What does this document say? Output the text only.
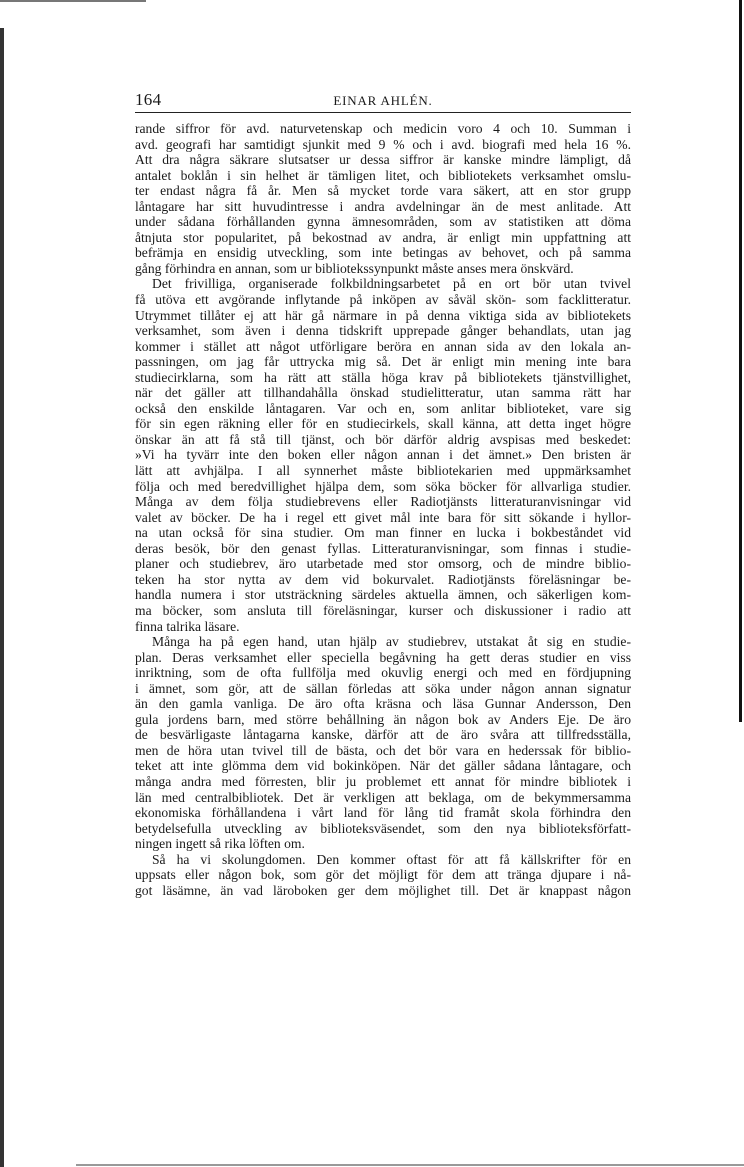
164	EINAR AHLÉN.
rande siffror för avd. naturvetenskap och medicin voro 4 och 10. Summan i
avd. geografi har samtidigt sjunkit med 9 % och i avd. biografi med hela 16 %.
Att dra några säkrare slutsatser ur dessa siffror är kanske mindre lämpligt, då
antalet boklån i sin helhet är tämligen litet, och bibliotekets verksamhet omslu-
ter endast några få år. Men så mycket torde vara säkert, att en stor grupp
låntagare har sitt huvudintresse i andra avdelningar än de mest anlitade. Att
under sådana förhållanden gynna ämnesområden, som av statistiken att döma
åtnjuta stor popularitet, på bekostnad av andra, är enligt min uppfattning att
befrämja en ensidig utveckling, som inte betingas av behovet, och på samma
gång förhindra en annan, som ur bibliotekssynpunkt måste anses mera önskvärd.
Det frivilliga, organiserade folkbildningsarbetet på en ort bör utan tvivel
få utöva ett avgörande inflytande på inköpen av såväl skön- som facklitteratur.
Utrymmet tillåter ej att här gå närmare in på denna viktiga sida av bibliotekets
verksamhet, som även i denna tidskrift upprepade gånger behandlats, utan jag
kommer i stället att något utförligare beröra en annan sida av den lokala an-
passningen, om jag får uttrycka mig så. Det är enligt min mening inte bara
studiecirklarna, som ha rätt att ställa höga krav på bibliotekets tjänstvillighet,
när det gäller att tillhandahålla önskad studielitteratur, utan samma rätt har
också den enskilde låntagaren. Var och en, som anlitar biblioteket, vare sig
för sin egen räkning eller för en studiecirkels, skall känna, att detta inget högre
önskar än att få stå till tjänst, och bör därför aldrig avspisas med beskedet:
»Vi ha tyvärr inte den boken eller någon annan i det ämnet.» Den bristen är
lätt att avhjälpa. I all synnerhet måste bibliotekarien med uppmärksamhet
följa och med beredvillighet hjälpa dem, som söka böcker för allvarliga studier.
Många av dem följa studiebrevens eller Radiotjänsts litteraturanvisningar vid
valet av böcker. De ha i regel ett givet mål inte bara för sitt sökande i hyllor-
na utan också för sina studier. Om man finner en lucka i bokbeståndet vid
deras besök, bör den genast fyllas. Litteraturanvisningar, som finnas i studie-
planer och studiebrev, äro utarbetade med stor omsorg, och de mindre biblio-
teken ha stor nytta av dem vid bokurvalet. Radiotjänsts föreläsningar be-
handla numera i stor utsträckning särdeles aktuella ämnen, och säkerligen kom-
ma böcker, som ansluta till föreläsningar, kurser och diskussioner i radio att
finna talrika läsare.
Många ha på egen hand, utan hjälp av studiebrev, utstakat åt sig en studie-
plan. Deras verksamhet eller speciella begåvning ha gett deras studier en viss
inriktning, som de ofta fullfölja med okuvlig energi och med en fördjupning
i ämnet, som gör, att de sällan förledas att söka under någon annan signatur
än den gamla vanliga. De äro ofta kräsna och läsa Gunnar Andersson, Den
gula jordens barn, med större behållning än någon bok av Anders Eje. De äro
de besvärligaste låntagarna kanske, därför att de äro svåra att tillfredsställa,
men de höra utan tvivel till de bästa, och det bör vara en hederssak för biblio-
teket att inte glömma dem vid bokinköpen. När det gäller sådana låntagare, och
många andra med förresten, blir ju problemet ett annat för mindre bibliotek i
län med centralbibliotek. Det är verkligen att beklaga, om de bekymmersamma
ekonomiska förhållandena i vårt land för lång tid framåt skola förhindra den
betydelsefulla utveckling av biblioteksväsendet, som den nya biblioteksförfatt-
ningen ingett så rika löften om.
Så ha vi skolungdomen. Den kommer oftast för att få källskrifter för en
uppsats eller någon bok, som gör det möjligt för dem att tränga djupare i nå-
got läsämne, än vad läroboken ger dem möjlighet till. Det är knappast någon
